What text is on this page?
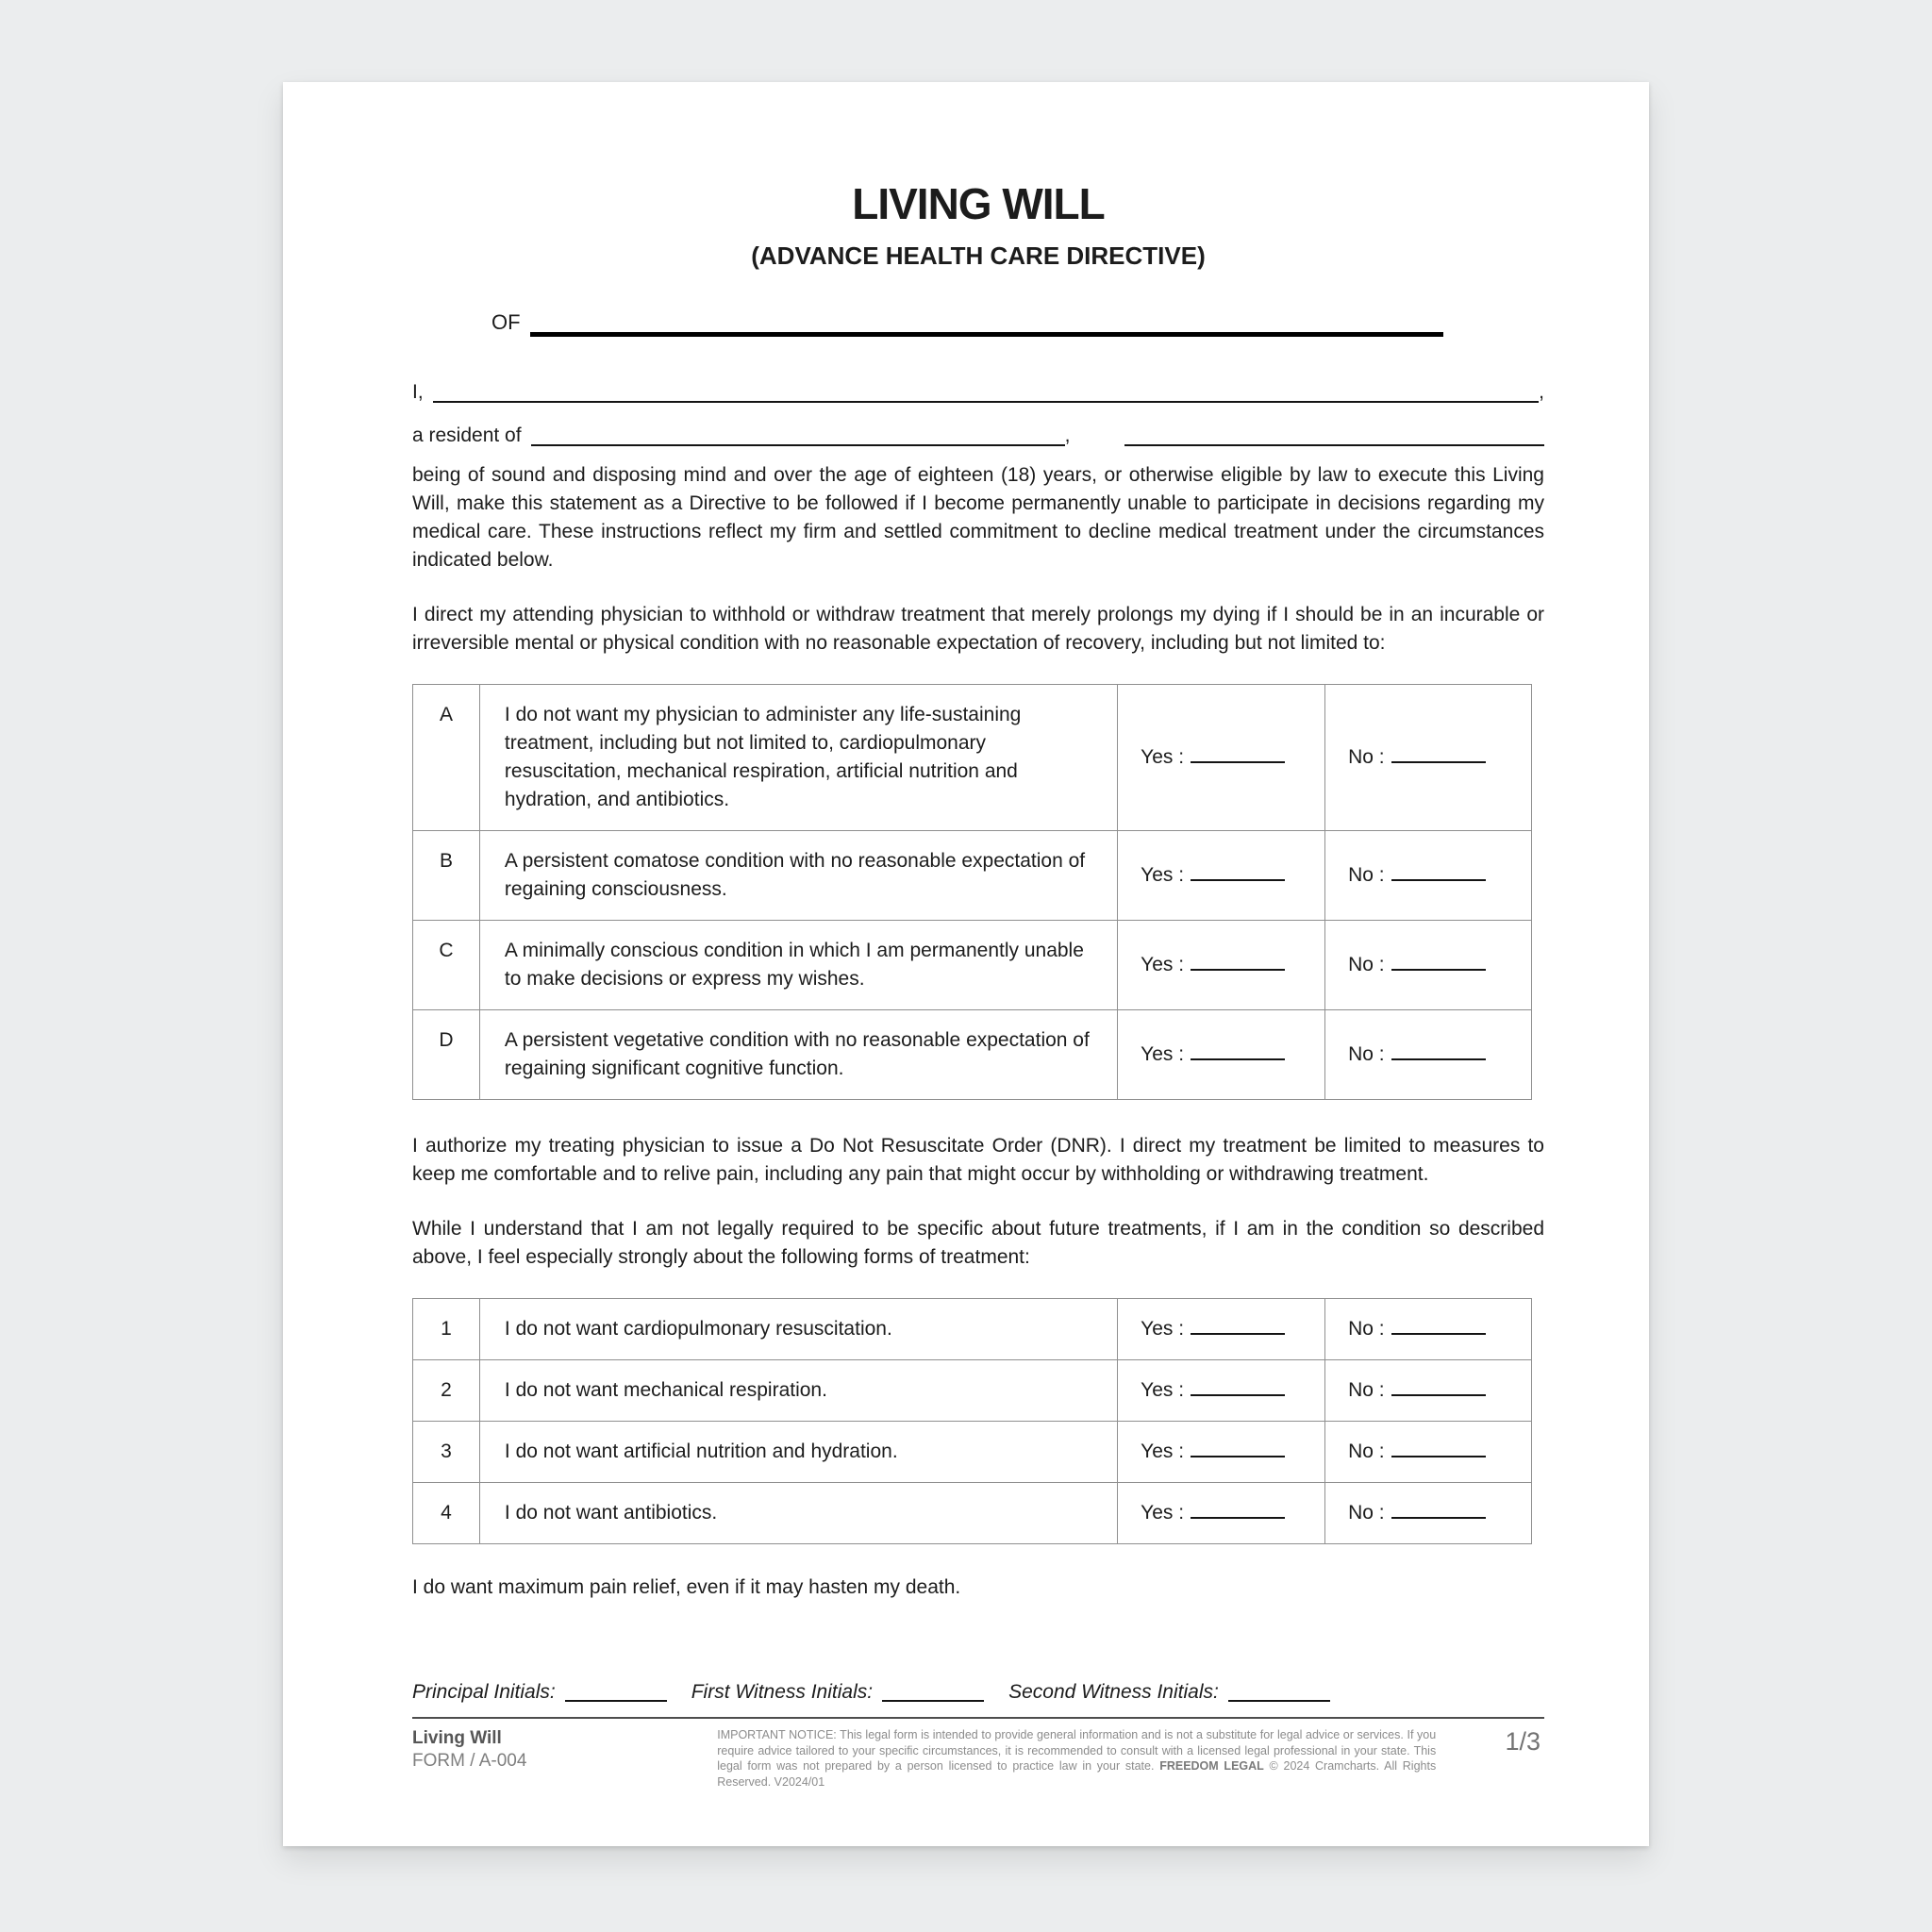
LIVING WILL
(ADVANCE HEALTH CARE DIRECTIVE)
OF
I,	,
a resident of	,

being of sound and disposing mind and over the age of eighteen (18) years, or otherwise eligible by law to execute this Living Will, make this statement as a Directive to be followed if I become permanently unable to participate in decisions regarding my medical care. These instructions reflect my firm and settled commitment to decline medical treatment under the circumstances indicated below.

I direct my attending physician to withhold or withdraw treatment that merely prolongs my dying if I should be in an incurable or irreversible mental or physical condition with no reasonable expectation of recovery, including but not limited to:

A	I do not want my physician to administer any life-sustaining treatment, including but not limited to, cardiopulmonary resuscitation, mechanical respiration, artificial nutrition and hydration, and antibiotics.	Yes :	No :
B	A persistent comatose condition with no reasonable expectation of regaining consciousness.	Yes :	No :
C	A minimally conscious condition in which I am permanently unable to make decisions or express my wishes.	Yes :	No :
D	A persistent vegetative condition with no reasonable expectation of regaining significant cognitive function.	Yes :	No :

I authorize my treating physician to issue a Do Not Resuscitate Order (DNR). I direct my treatment be limited to measures to keep me comfortable and to relive pain, including any pain that might occur by withholding or withdrawing treatment.

While I understand that I am not legally required to be specific about future treatments, if I am in the condition so described above, I feel especially strongly about the following forms of treatment:

1	I do not want cardiopulmonary resuscitation.	Yes :	No :
2	I do not want mechanical respiration.	Yes :	No :
3	I do not want artificial nutrition and hydration.	Yes :	No :
4	I do not want antibiotics.	Yes :	No :

I do want maximum pain relief, even if it may hasten my death.

Principal Initials:	First Witness Initials:	Second Witness Initials:
Living Will
FORM / A-004

IMPORTANT NOTICE: This legal form is intended to provide general information and is not a substitute for legal advice or services. If you require advice tailored to your specific circumstances, it is recommended to consult with a licensed legal professional in your state. This legal form was not prepared by a person licensed to practice law in your state. FREEDOM LEGAL © 2024 Cramcharts. All Rights Reserved. V2024/01

1/3
